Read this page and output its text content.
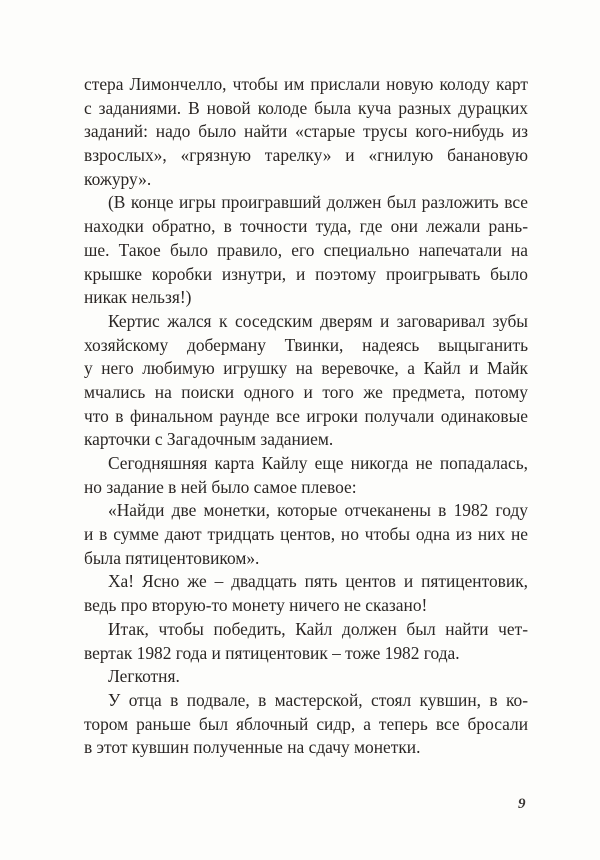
стера Лимончелло, чтобы им прислали новую колоду карт
с заданиями. В новой колоде была куча разных дурацких
заданий: надо было найти «старые трусы кого-нибудь из
взрослых», «грязную тарелку» и «гнилую банановую
кожуру».
(В конце игры проигравший должен был разложить все
находки обратно, в точности туда, где они лежали рань-
ше. Такое было правило, его специально напечатали на
крышке коробки изнутри, и поэтому проигрывать было
никак нельзя!)
Кертис жался к соседским дверям и заговаривал зубы
хозяйскому доберману Твинки, надеясь выцыганить
у него любимую игрушку на веревочке, а Кайл и Майк
мчались на поиски одного и того же предмета, потому
что в финальном раунде все игроки получали одинаковые
карточки с Загадочным заданием.
Сегодняшняя карта Кайлу еще никогда не попадалась,
но задание в ней было самое плевое:
«Найди две монетки, которые отчеканены в 1982 году
и в сумме дают тридцать центов, но чтобы одна из них не
была пятицентовиком».
Ха! Ясно же – двадцать пять центов и пятицентовик,
ведь про вторую-то монету ничего не сказано!
Итак, чтобы победить, Кайл должен был найти чет-
вертак 1982 года и пятицентовик – тоже 1982 года.
Легкотня.
У отца в подвале, в мастерской, стоял кувшин, в ко-
тором раньше был яблочный сидр, а теперь все бросали
в этот кувшин полученные на сдачу монетки.
9
